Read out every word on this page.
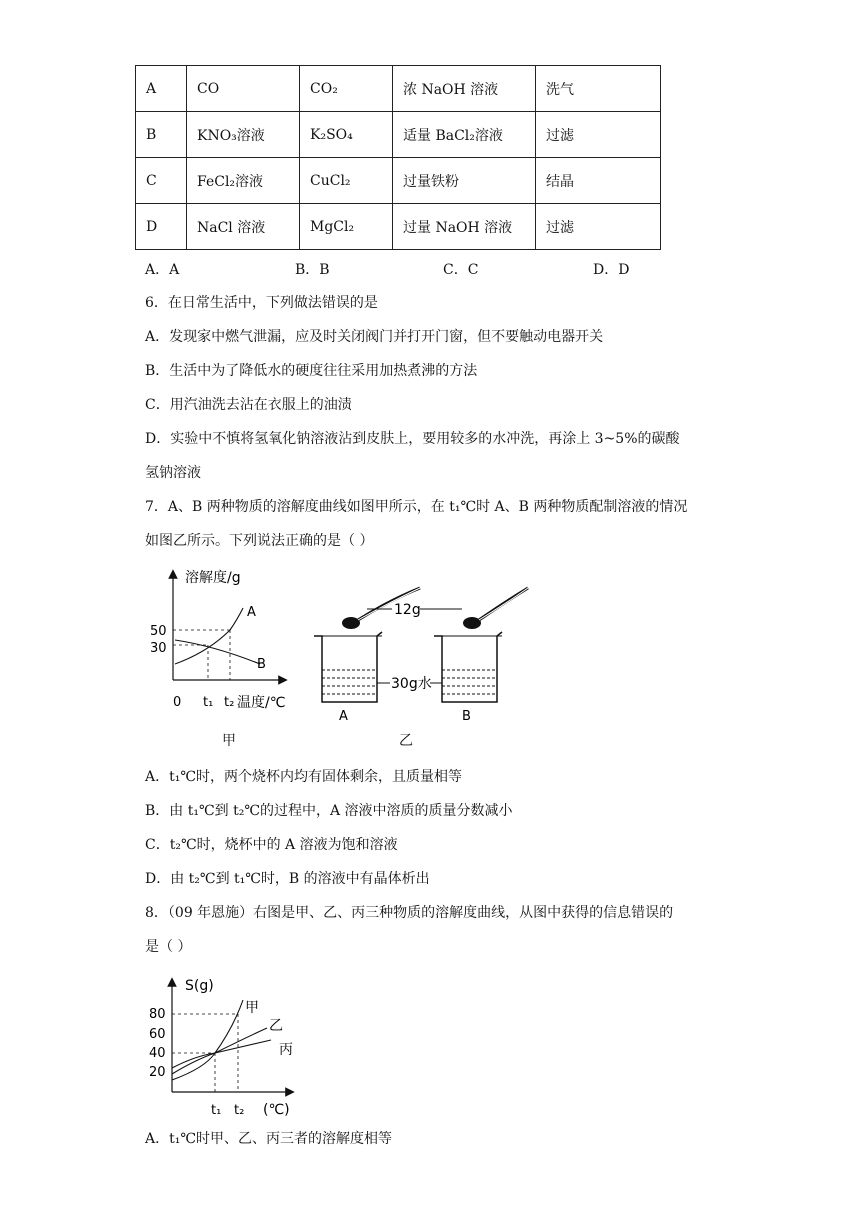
A	CO	CO₂	浓 NaOH 溶液	洗气
B	KNO₃溶液	K₂SO₄	适量 BaCl₂溶液	过滤
C	FeCl₂溶液	CuCl₂	过量铁粉	结晶
D	NaCl 溶液	MgCl₂	过量 NaOH 溶液	过滤
A．A	B．B	C．C	D．D
6．在日常生活中，下列做法错误的是
A．发现家中燃气泄漏，应及时关闭阀门并打开门窗，但不要触动电器开关
B．生活中为了降低水的硬度往往采用加热煮沸的方法
C．用汽油洗去沾在衣服上的油渍
D．实验中不慎将氢氧化钠溶液沾到皮肤上，要用较多的水冲洗，再涂上 3~5%的碳酸
氢钠溶液
7．A、B 两种物质的溶解度曲线如图甲所示，在 t₁℃时 A、B 两种物质配制溶液的情况
如图乙所示。下列说法正确的是（ ）
溶解度/g
50
30
0 t₁ t₂ 温度/℃
A
B
甲
12g
30g水
A	B
乙
A．t₁℃时，两个烧杯内均有固体剩余，且质量相等
B．由 t₁℃到 t₂℃的过程中，A 溶液中溶质的质量分数减小
C．t₂℃时，烧杯中的 A 溶液为饱和溶液
D．由 t₂℃到 t₁℃时，B 的溶液中有晶体析出
8．（09 年恩施）右图是甲、乙、丙三种物质的溶解度曲线，从图中获得的信息错误的
是（ ）
S(g)
80
60
40
20
t₁ t₂ (℃)
甲
乙
丙
A．t₁℃时甲、乙、丙三者的溶解度相等
